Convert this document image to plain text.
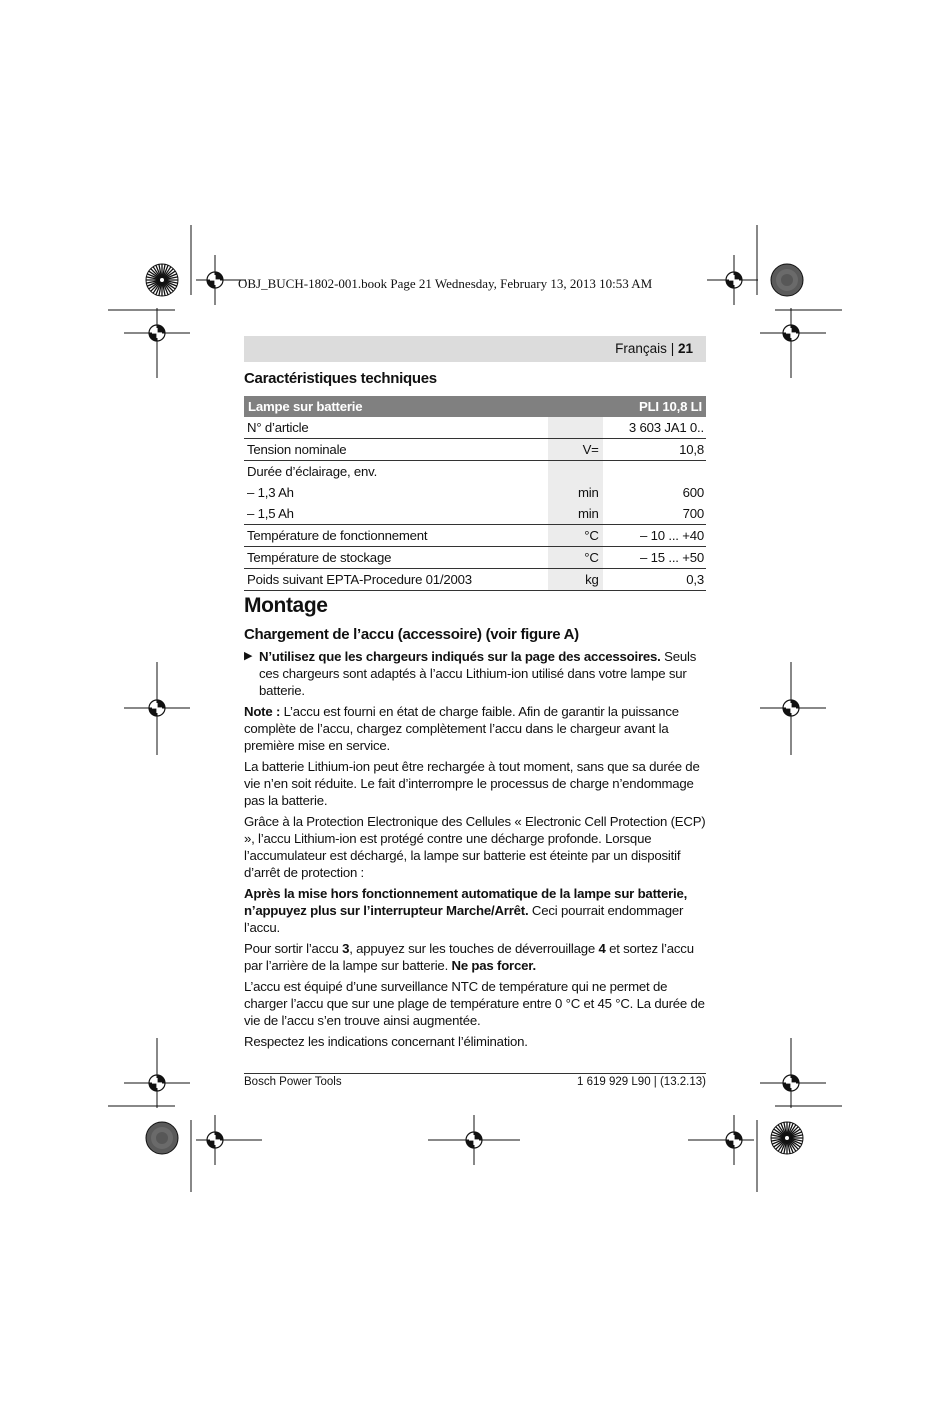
OBJ_BUCH-1802-001.book Page 21 Wednesday, February 13, 2013 10:53 AM
Français | 21
Caractéristiques techniques
Lampe sur batterie		PLI 10,8 LI
N° d’article		3 603 JA1 0..
Tension nominale	V=	10,8
Durée d’éclairage, env.		
– 1,3 Ah	min	600
– 1,5 Ah	min	700
Température de fonctionnement	°C	– 10 ... +40
Température de stockage	°C	– 15 ... +50
Poids suivant EPTA-Procedure 01/2003	kg	0,3
Montage
Chargement de l’accu (accessoire) (voir figure A)
▶ N’utilisez que les chargeurs indiqués sur la page des accessoires. Seuls ces chargeurs sont adaptés à l’accu Lithium-ion utilisé dans votre lampe sur batterie.

Note : L’accu est fourni en état de charge faible. Afin de garantir la puissance complète de l’accu, chargez complètement l’accu dans le chargeur avant la première mise en service.

La batterie Lithium-ion peut être rechargée à tout moment, sans que sa durée de vie n’en soit réduite. Le fait d’interrompre le processus de charge n’endommage pas la batterie.

Grâce à la Protection Electronique des Cellules « Electronic Cell Protection (ECP) », l’accu Lithium-ion est protégé contre une décharge profonde. Lorsque l’accumulateur est déchargé, la lampe sur batterie est éteinte par un dispositif d’arrêt de protection :

Après la mise hors fonctionnement automatique de la lampe sur batterie, n’appuyez plus sur l’interrupteur Marche/Arrêt. Ceci pourrait endommager l’accu.

Pour sortir l’accu 3, appuyez sur les touches de déverrouillage 4 et sortez l’accu par l’arrière de la lampe sur batterie. Ne pas forcer.

L’accu est équipé d’une surveillance NTC de température qui ne permet de charger l’accu que sur une plage de température entre 0 °C et 45 °C. La durée de vie de l’accu s’en trouve ainsi augmentée.

Respectez les indications concernant l’élimination.

Bosch Power Tools	1 619 929 L90 | (13.2.13)
